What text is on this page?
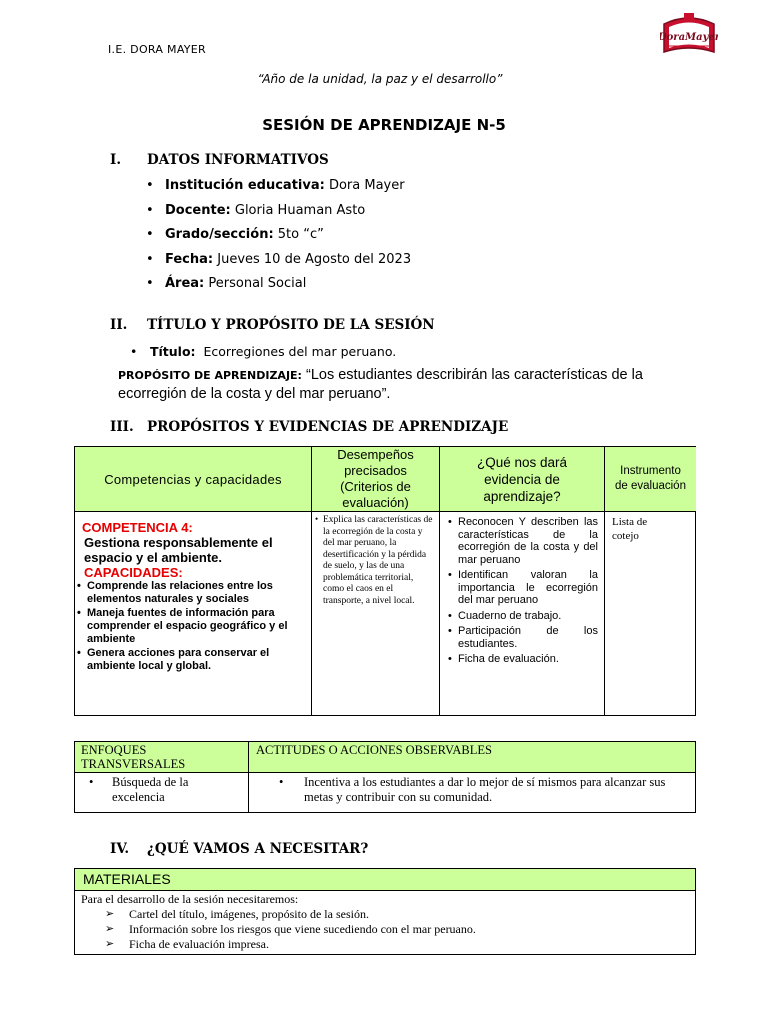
I.E. DORA MAYER
DoraMayer
“Año de la unidad, la paz y el desarrollo”
SESIÓN DE APRENDIZAJE N-5
I. DATOS INFORMATIVOS
• Institución educativa: Dora Mayer
• Docente: Gloria Huaman Asto
• Grado/sección: 5to “c”
• Fecha: Jueves 10 de Agosto del 2023
• Área: Personal Social
II. TÍTULO Y PROPÓSITO DE LA SESIÓN
• Título: Ecorregiones del mar peruano.
PROPÓSITO DE APRENDIZAJE: “Los estudiantes describirán las características de la ecorregión de la costa y del mar peruano”.
III. PROPÓSITOS Y EVIDENCIAS DE APRENDIZAJE
Competencias y capacidades
Desempeños precisados (Criterios de evaluación)
¿Qué nos dará evidencia de aprendizaje?
Instrumento de evaluación
COMPETENCIA 4:
Gestiona responsablemente el espacio y el ambiente.
CAPACIDADES:
• Comprende las relaciones entre los elementos naturales y sociales
• Maneja fuentes de información para comprender el espacio geográfico y el ambiente
• Genera acciones para conservar el ambiente local y global.
• Explica las características de la ecorregión de la costa y del mar peruano, la desertificación y la pérdida de suelo, y las de una problemática territorial, como el caos en el transporte, a nivel local.
• Reconocen Y describen las características de la ecorregión de la costa y del mar peruano
• Identifican valoran la importancia le ecorregión del mar peruano
• Cuaderno de trabajo.
• Participación de los estudiantes.
• Ficha de evaluación.
Lista de cotejo
ENFOQUES TRANSVERSALES
ACTITUDES O ACCIONES OBSERVABLES
• Búsqueda de la excelencia
• Incentiva a los estudiantes a dar lo mejor de sí mismos para alcanzar sus metas y contribuir con su comunidad.
IV. ¿QUÉ VAMOS A NECESITAR?
MATERIALES
Para el desarrollo de la sesión necesitaremos:
➢ Cartel del título, imágenes, propósito de la sesión.
➢ Información sobre los riesgos que viene sucediendo con el mar peruano.
➢ Ficha de evaluación impresa.
